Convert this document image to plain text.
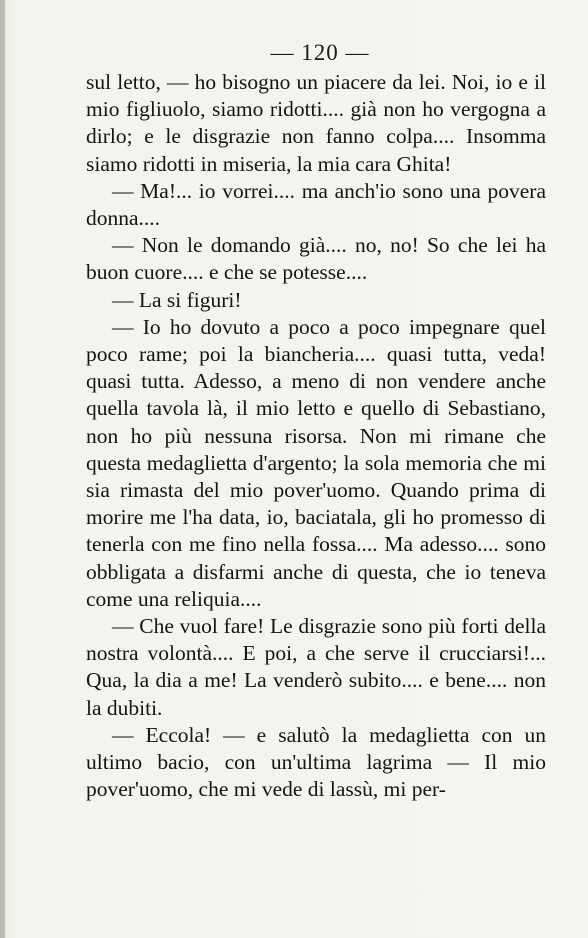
— 120 —

sul letto, — ho bisogno un piacere da lei. Noi, io e il mio figliuolo, siamo ridotti.... già non ho vergogna a dirlo; e le disgrazie non fanno colpa.... Insomma siamo ridotti in miseria, la mia cara Ghita!

— Ma!... io vorrei.... ma anch'io sono una povera donna....

— Non le domando già.... no, no! So che lei ha buon cuore.... e che se potesse....

— La si figuri!

— Io ho dovuto a poco a poco impegnare quel poco rame; poi la biancheria.... quasi tutta, veda! quasi tutta. Adesso, a meno di non vendere anche quella tavola là, il mio letto e quello di Sebastiano, non ho più nessuna risorsa. Non mi rimane che questa medaglietta d'argento; la sola memoria che mi sia rimasta del mio pover'uomo. Quando prima di morire me l'ha data, io, baciatala, gli ho promesso di tenerla con me fino nella fossa.... Ma adesso.... sono obbligata a disfarmi anche di questa, che io teneva come una reliquia....

— Che vuol fare! Le disgrazie sono più forti della nostra volontà.... E poi, a che serve il crucciarsi!... Qua, la dia a me! La venderò subito.... e bene.... non la dubiti.

— Eccola! — e salutò la medaglietta con un ultimo bacio, con un'ultima lagrima — Il mio pover'uomo, che mi vede di lassù, mi per-
